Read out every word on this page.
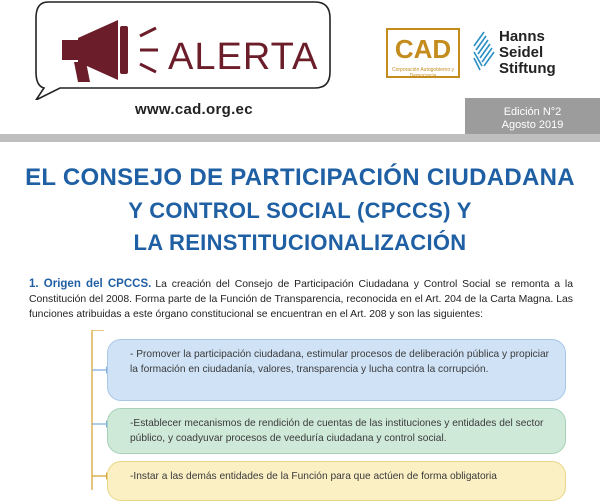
ALERTA
www.cad.org.ec
CAD
Corporación Autogobierno y Democracia
Hanns
Seidel
Stiftung
Edición N°2
Agosto 2019
EL CONSEJO DE PARTICIPACIÓN CIUDADANA
Y CONTROL SOCIAL (CPCCS) Y
LA REINSTITUCIONALIZACIÓN
1. Origen del CPCCS. La creación del Consejo de Participación Ciudadana y Control Social se remonta a la Constitución del 2008. Forma parte de la Función de Transparencia, reconocida en el Art. 204 de la Carta Magna. Las funciones atribuidas a este órgano constitucional se encuentran en el Art. 208 y son las siguientes:
- Promover la participación ciudadana, estimular procesos de deliberación pública y propiciar la formación en ciudadanía, valores, transparencia y lucha contra la corrupción.
-Establecer mecanismos de rendición de cuentas de las instituciones y entidades del sector público, y coadyuvar procesos de veeduría ciudadana y control social.
-Instar a las demás entidades de la Función para que actúen de forma obligatoria
